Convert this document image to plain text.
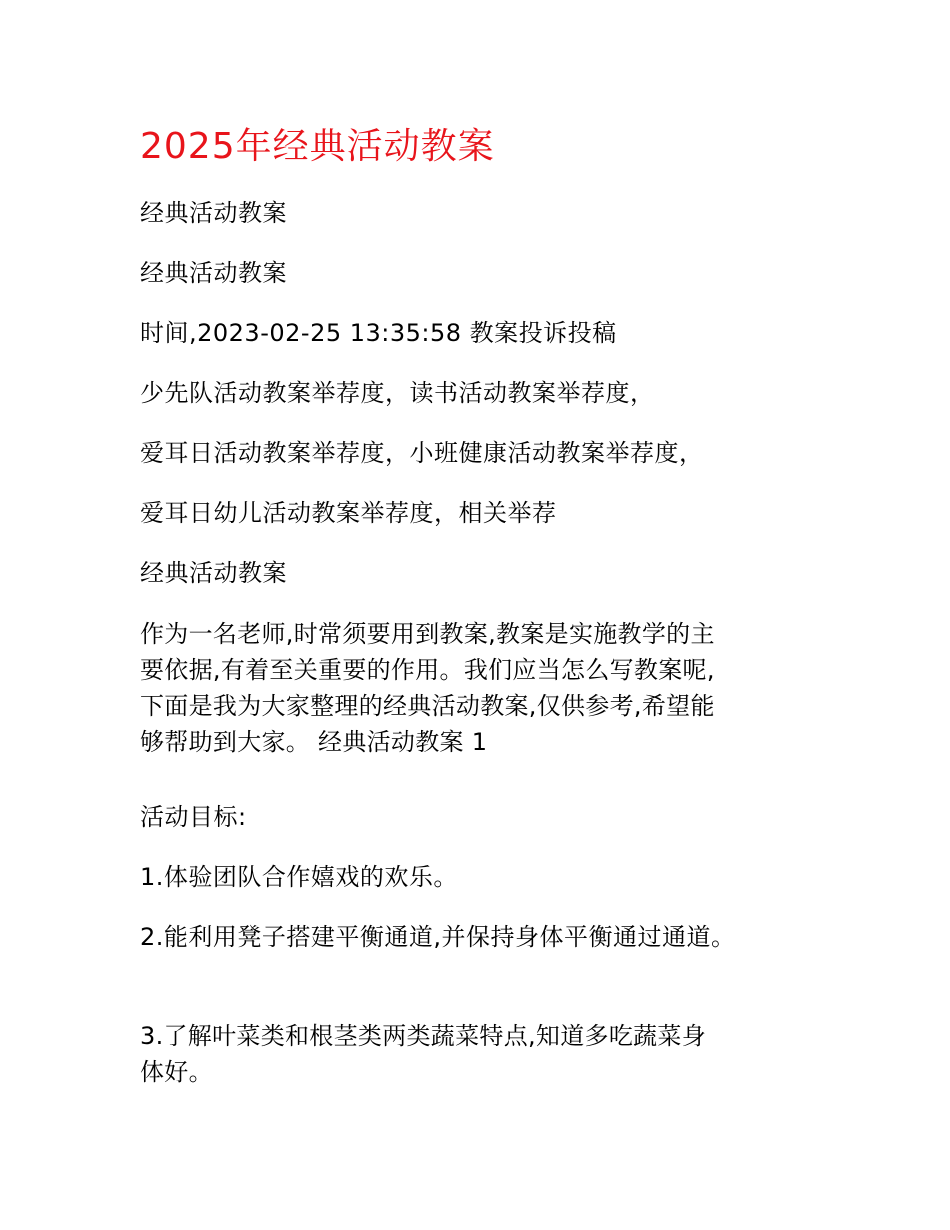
2025年经典活动教案
经典活动教案
经典活动教案
时间,2023-02-25 13:35:58 教案投诉投稿
少先队活动教案举荐度，读书活动教案举荐度，
爱耳日活动教案举荐度，小班健康活动教案举荐度，
爱耳日幼儿活动教案举荐度，相关举荐
经典活动教案
作为一名老师,时常须要用到教案,教案是实施教学的主
要依据,有着至关重要的作用。我们应当怎么写教案呢,
下面是我为大家整理的经典活动教案,仅供参考,希望能
够帮助到大家。 经典活动教案 1
活动目标:
1.体验团队合作嬉戏的欢乐。
2.能利用凳子搭建平衡通道,并保持身体平衡通过通道。
3.了解叶菜类和根茎类两类蔬菜特点,知道多吃蔬菜身
体好。
